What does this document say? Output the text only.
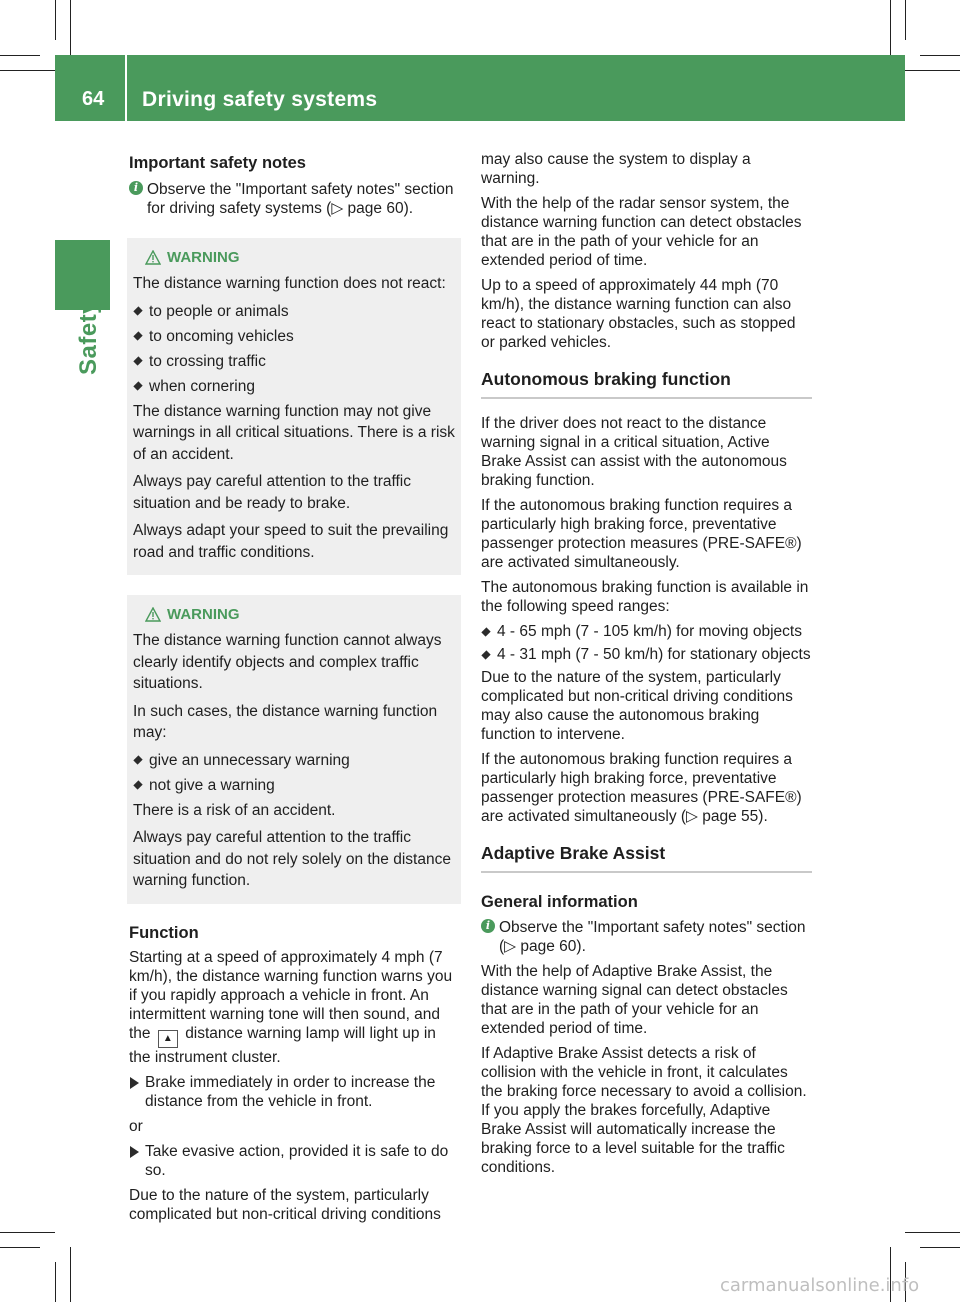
64 Driving safety systems
Safety
Important safety notes
i Observe the "Important safety notes" section for driving safety systems (▷ page 60).
WARNING

The distance warning function does not react:

to people or animals
to oncoming vehicles
to crossing traffic
when cornering

The distance warning function may not give warnings in all critical situations. There is a risk of an accident.

Always pay careful attention to the traffic situation and be ready to brake.

Always adapt your speed to suit the prevailing road and traffic conditions.

WARNING

The distance warning function cannot always clearly identify objects and complex traffic situations.

In such cases, the distance warning function may:

give an unnecessary warning
not give a warning

There is a risk of an accident.

Always pay careful attention to the traffic situation and do not rely solely on the distance warning function.

Function

Starting at a speed of approximately 4 mph (7 km/h), the distance warning function warns you if you rapidly approach a vehicle in front. An intermittent warning tone will then sound, and the ▲ distance warning lamp will light up in the instrument cluster.

Brake immediately in order to increase the distance from the vehicle in front.

or

Take evasive action, provided it is safe to do so.

Due to the nature of the system, particularly complicated but non-critical driving conditions

may also cause the system to display a warning.

With the help of the radar sensor system, the distance warning function can detect obstacles that are in the path of your vehicle for an extended period of time.

Up to a speed of approximately 44 mph (70 km/h), the distance warning function can also react to stationary obstacles, such as stopped or parked vehicles.

Autonomous braking function

If the driver does not react to the distance warning signal in a critical situation, Active Brake Assist can assist with the autonomous braking function.

If the autonomous braking function requires a particularly high braking force, preventative passenger protection measures (PRE-SAFE®) are activated simultaneously.

The autonomous braking function is available in the following speed ranges:

4 - 65 mph (7 - 105 km/h) for moving objects
4 - 31 mph (7 - 50 km/h) for stationary objects

Due to the nature of the system, particularly complicated but non-critical driving conditions may also cause the autonomous braking function to intervene.

If the autonomous braking function requires a particularly high braking force, preventative passenger protection measures (PRE-SAFE®) are activated simultaneously (▷ page 55).

Adaptive Brake Assist
General information
i Observe the "Important safety notes" section (▷ page 60).

With the help of Adaptive Brake Assist, the distance warning signal can detect obstacles that are in the path of your vehicle for an extended period of time.

If Adaptive Brake Assist detects a risk of collision with the vehicle in front, it calculates the braking force necessary to avoid a collision. If you apply the brakes forcefully, Adaptive Brake Assist will automatically increase the braking force to a level suitable for the traffic conditions.

carmanualsonline.info
